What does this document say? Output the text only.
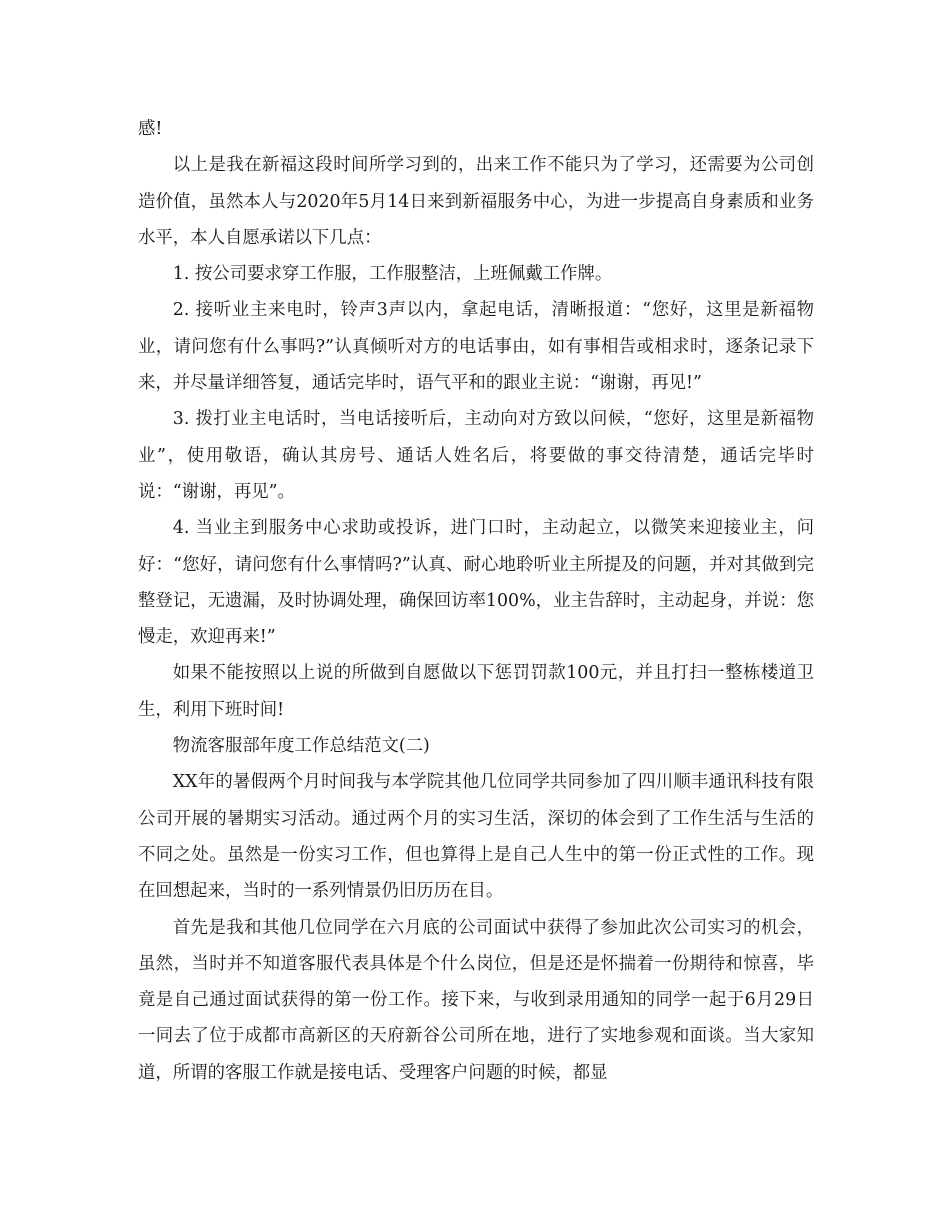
感!

以上是我在新福这段时间所学习到的，出来工作不能只为了学习，还需要为公司创造价值，虽然本人与2020年5月14日来到新福服务中心，为进一步提高自身素质和业务水平，本人自愿承诺以下几点：

1. 按公司要求穿工作服，工作服整洁，上班佩戴工作牌。

2. 接听业主来电时，铃声3声以内，拿起电话，清晰报道：“您好，这里是新福物业，请问您有什么事吗?”认真倾听对方的电话事由，如有事相告或相求时，逐条记录下来，并尽量详细答复，通话完毕时，语气平和的跟业主说：“谢谢，再见!”

3. 拨打业主电话时，当电话接听后，主动向对方致以问候，“您好，这里是新福物业”，使用敬语，确认其房号、通话人姓名后，将要做的事交待清楚，通话完毕时说：“谢谢，再见”。

4. 当业主到服务中心求助或投诉，进门口时，主动起立，以微笑来迎接业主，问好：“您好，请问您有什么事情吗?”认真、耐心地聆听业主所提及的问题，并对其做到完整登记，无遗漏，及时协调处理，确保回访率100%，业主告辞时，主动起身，并说：您慢走，欢迎再来!”

如果不能按照以上说的所做到自愿做以下惩罚罚款100元，并且打扫一整栋楼道卫生，利用下班时间!

物流客服部年度工作总结范文(二)

XX年的暑假两个月时间我与本学院其他几位同学共同参加了四川顺丰通讯科技有限公司开展的暑期实习活动。通过两个月的实习生活，深切的体会到了工作生活与生活的不同之处。虽然是一份实习工作，但也算得上是自己人生中的第一份正式性的工作。现在回想起来，当时的一系列情景仍旧历历在目。

首先是我和其他几位同学在六月底的公司面试中获得了参加此次公司实习的机会，虽然，当时并不知道客服代表具体是个什么岗位，但是还是怀揣着一份期待和惊喜，毕竟是自己通过面试获得的第一份工作。接下来，与收到录用通知的同学一起于6月29日一同去了位于成都市高新区的天府新谷公司所在地，进行了实地参观和面谈。当大家知道，所谓的客服工作就是接电话、受理客户问题的时候，都显
